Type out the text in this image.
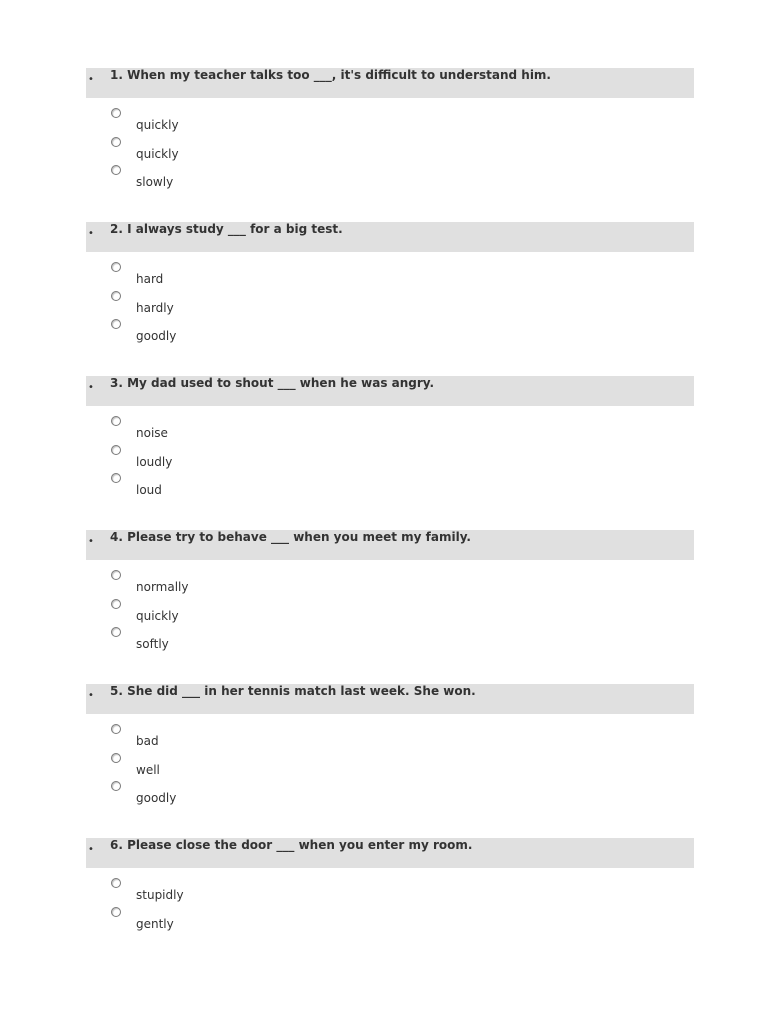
• 1. When my teacher talks too ___, it's difficult to understand him.
quickly
quickly
slowly
• 2. I always study ___ for a big test.
hard
hardly
goodly
• 3. My dad used to shout ___ when he was angry.
noise
loudly
loud
• 4. Please try to behave ___ when you meet my family.
normally
quickly
softly
• 5. She did ___ in her tennis match last week. She won.
bad
well
goodly
• 6. Please close the door ___ when you enter my room.
stupidly
gently
